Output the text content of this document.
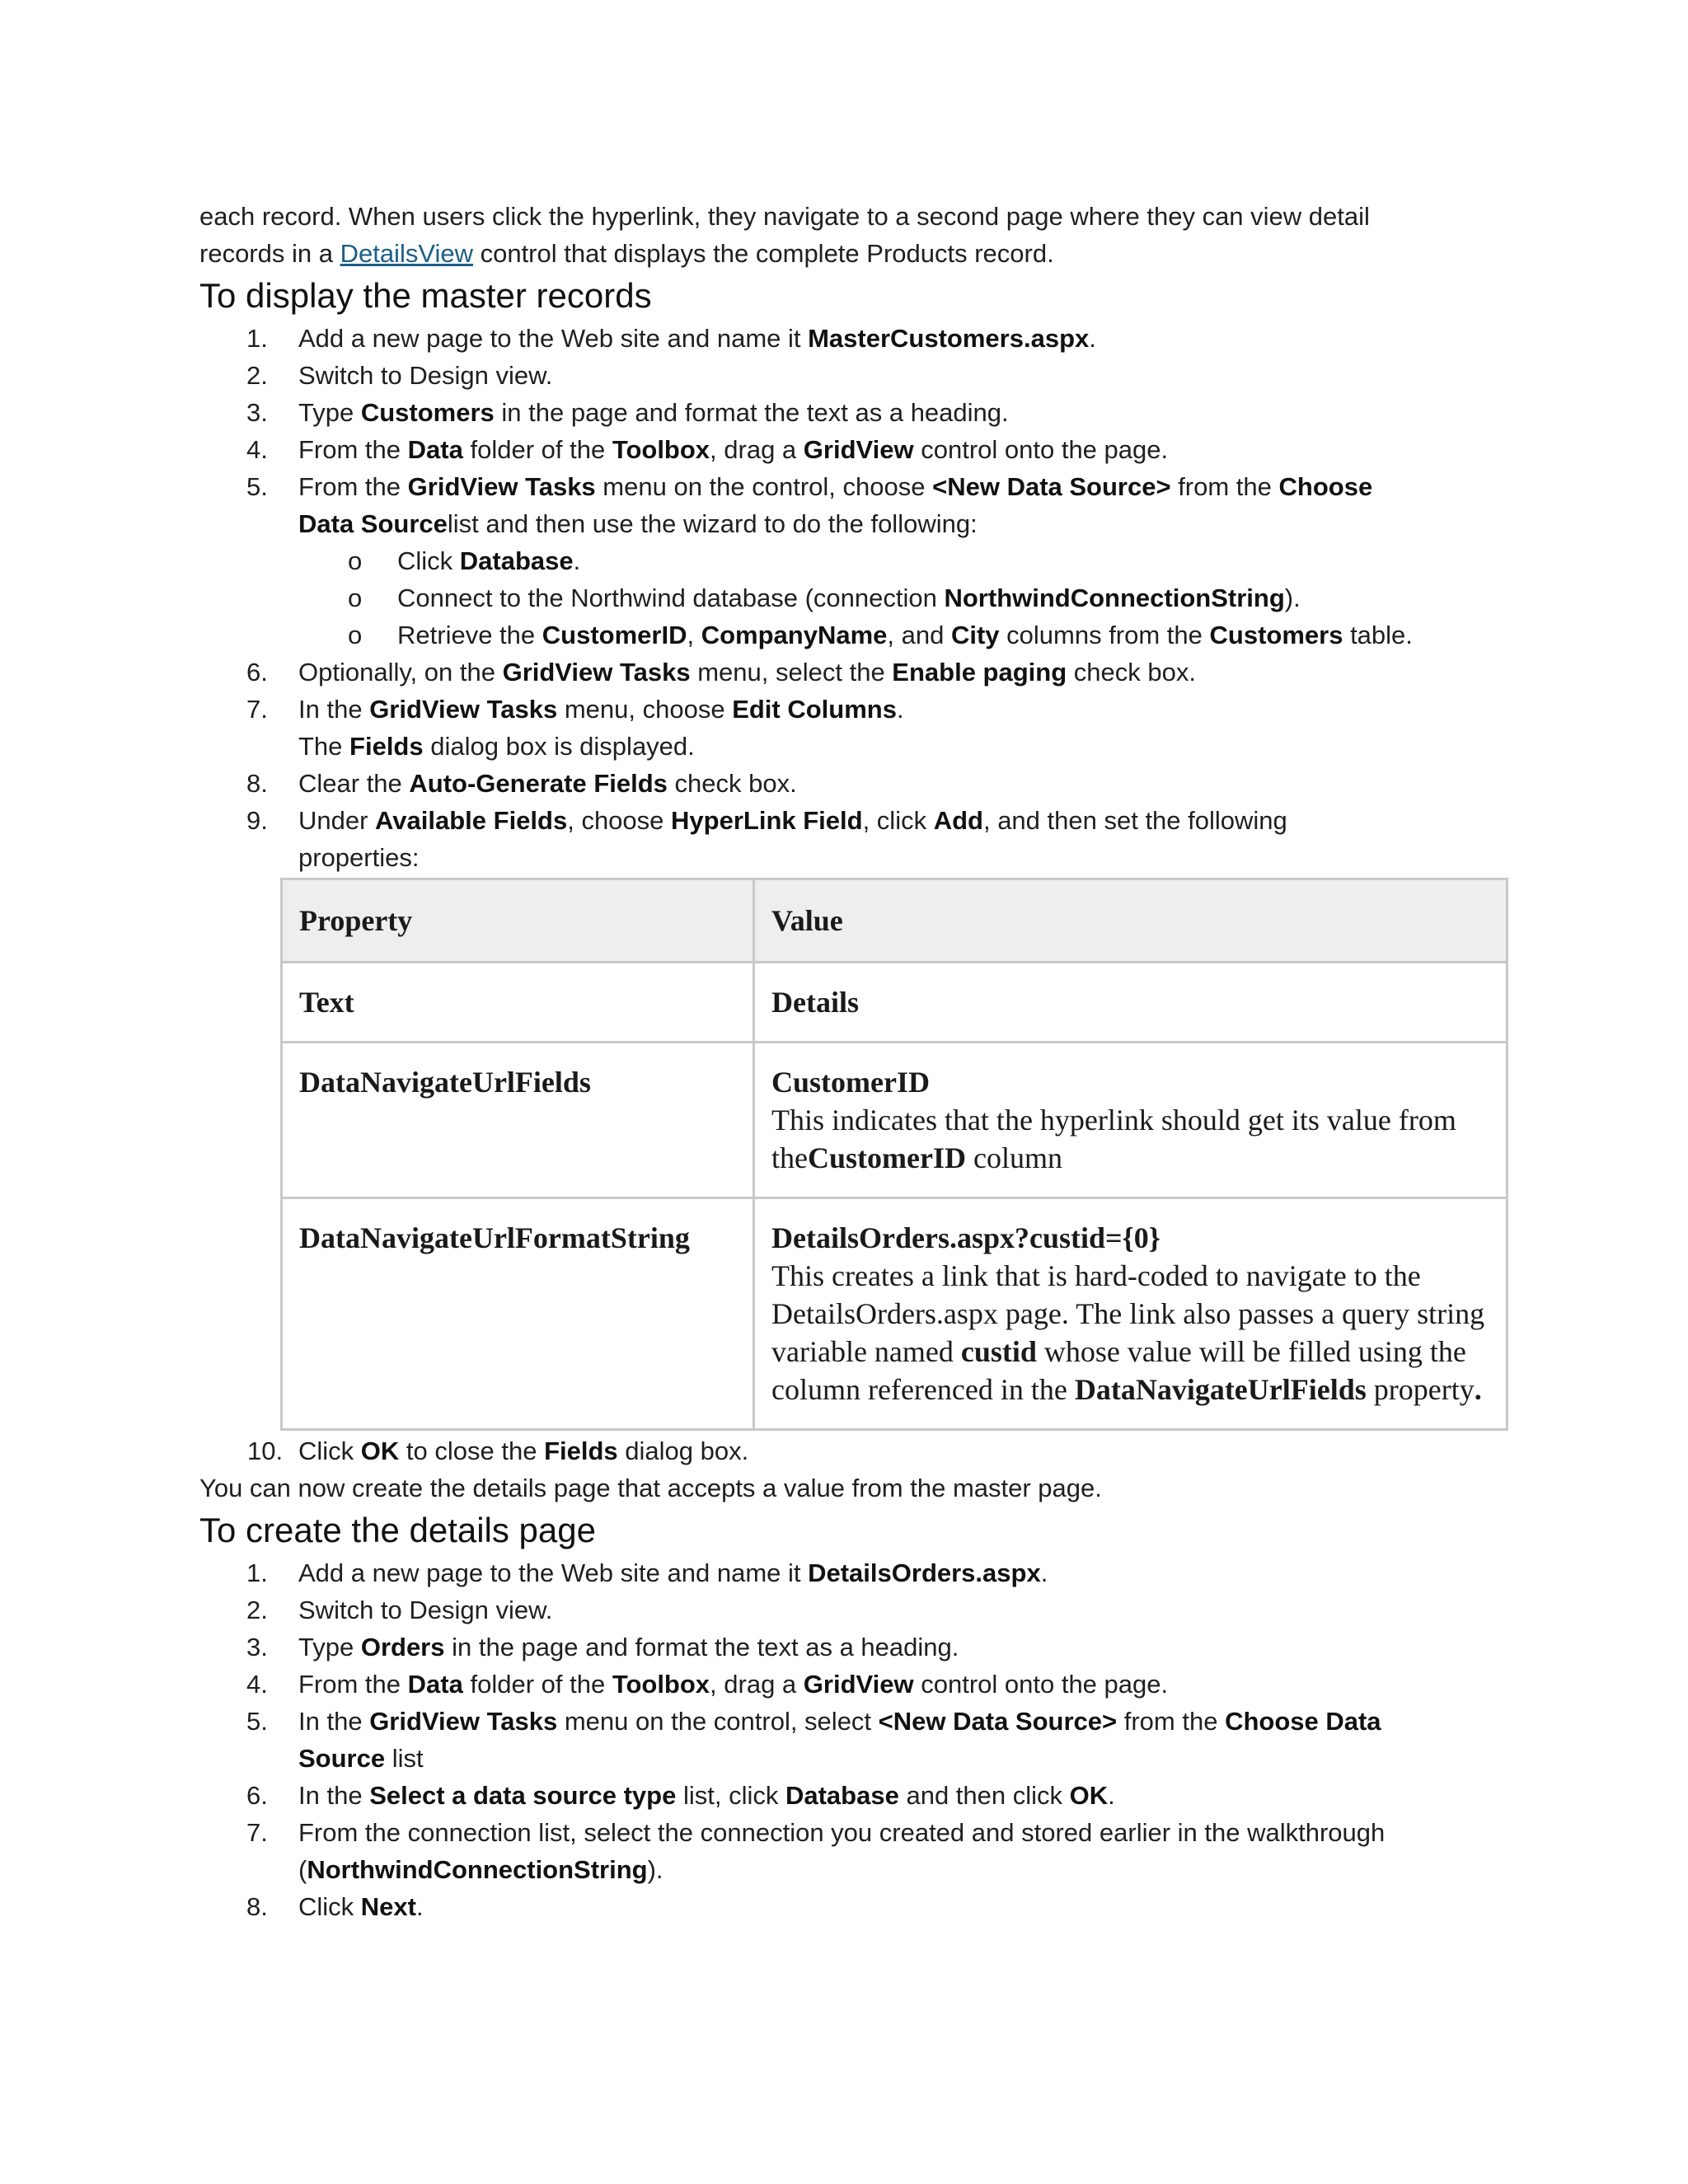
each record. When users click the hyperlink, they navigate to a second page where they can view detail
records in a DetailsView control that displays the complete Products record.

To display the master records
1.	Add a new page to the Web site and name it MasterCustomers.aspx.
2.	Switch to Design view.
3.	Type Customers in the page and format the text as a heading.
4.	From the Data folder of the Toolbox, drag a GridView control onto the page.
5.	From the GridView Tasks menu on the control, choose <New Data Source> from the Choose
Data Sourcelist and then use the wizard to do the following:
o Click Database.
o Connect to the Northwind database (connection NorthwindConnectionString).
o Retrieve the CustomerID, CompanyName, and City columns from the Customers table.
6.	Optionally, on the GridView Tasks menu, select the Enable paging check box.
7.	In the GridView Tasks menu, choose Edit Columns.

The Fields dialog box is displayed.

8.	Clear the Auto-Generate Fields check box.
9.	Under Available Fields, choose HyperLink Field, click Add, and then set the following
properties:
Property	Value
Text	Details
DataNavigateUrlFields	CustomerID
This indicates that the hyperlink should get its value from theCustomerID column
DataNavigateUrlFormatString	DetailsOrders.aspx?custid={0}
This creates a link that is hard-coded to navigate to the DetailsOrders.aspx page. The link also passes a query string variable named custid whose value will be filled using the column referenced in the DataNavigateUrlFields property.
10. Click OK to close the Fields dialog box.

You can now create the details page that accepts a value from the master page.

To create the details page
1.	Add a new page to the Web site and name it DetailsOrders.aspx.
2.	Switch to Design view.
3.	Type Orders in the page and format the text as a heading.
4.	From the Data folder of the Toolbox, drag a GridView control onto the page.
5.	In the GridView Tasks menu on the control, select <New Data Source> from the Choose Data
Source list
6.	In the Select a data source type list, click Database and then click OK.
7.	From the connection list, select the connection you created and stored earlier in the walkthrough
(NorthwindConnectionString).
8.	Click Next.
